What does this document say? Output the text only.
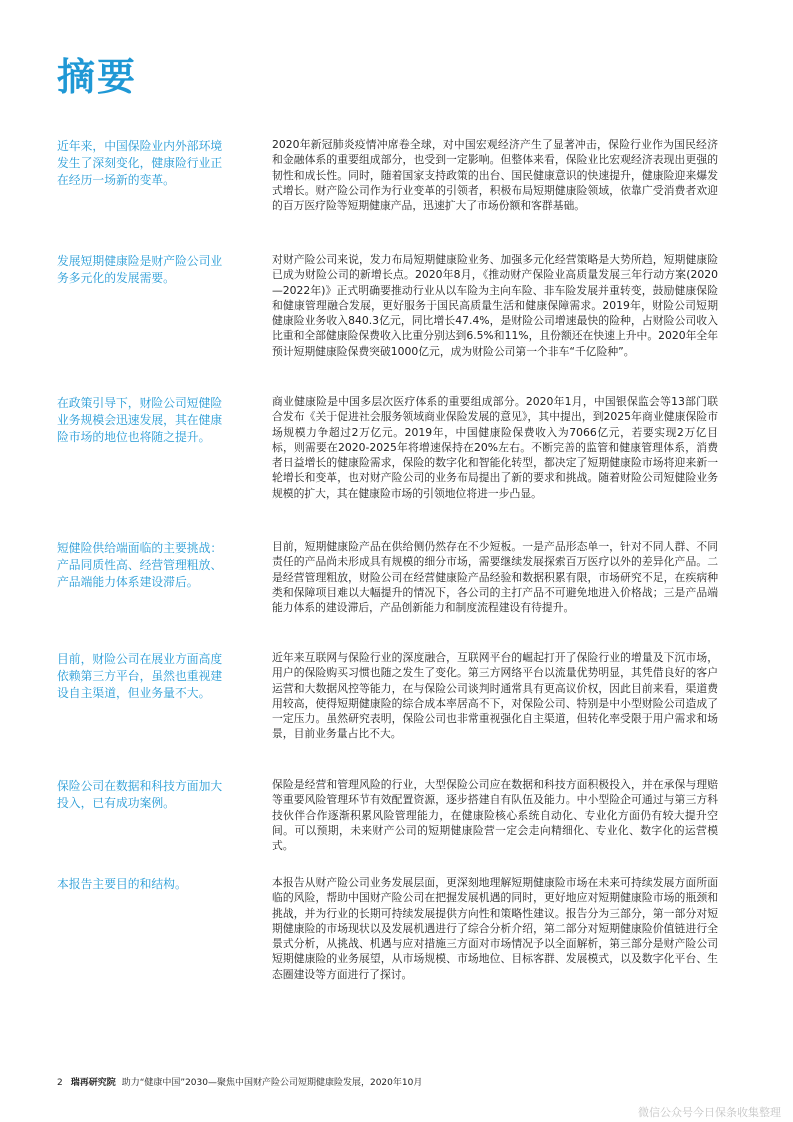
摘要
近年来，中国保险业内外部环境发生了深刻变化，健康险行业正在经历一场新的变革。
2020年新冠肺炎疫情冲席卷全球，对中国宏观经济产生了显著冲击，保险行业作为国民经济和金融体系的重要组成部分，也受到一定影响。但整体来看，保险业比宏观经济表现出更强的韧性和成长性。同时，随着国家支持政策的出台、国民健康意识的快速提升，健康险迎来爆发式增长。财产险公司作为行业变革的引领者，积极布局短期健康险领域，依靠广受消费者欢迎的百万医疗险等短期健康产品，迅速扩大了市场份额和客群基础。
发展短期健康险是财产险公司业务多元化的发展需要。
对财产险公司来说，发力布局短期健康险业务、加强多元化经营策略是大势所趋，短期健康险已成为财险公司的新增长点。2020年8月，《推动财产保险业高质量发展三年行动方案(2020—2022年)》正式明确要推动行业从以车险为主向车险、非车险发展并重转变，鼓励健康保险和健康管理融合发展，更好服务于国民高质量生活和健康保障需求。2019年，财险公司短期健康险业务收入840.3亿元，同比增长47.4%，是财险公司增速最快的险种，占财险公司收入比重和全部健康险保费收入比重分别达到6.5%和11%，且份额还在快速上升中。2020年全年预计短期健康险保费突破1000亿元，成为财险公司第一个非车“千亿险种”。
在政策引导下，财险公司短健险业务规模会迅速发展，其在健康险市场的地位也将随之提升。
商业健康险是中国多层次医疗体系的重要组成部分。2020年1月，中国银保监会等13部门联合发布《关于促进社会服务领域商业保险发展的意见》，其中提出，到2025年商业健康保险市场规模力争超过2万亿元。2019年，中国健康险保费收入为7066亿元，若要实现2万亿目标，则需要在2020-2025年将增速保持在20%左右。不断完善的监管和健康管理体系，消费者日益增长的健康险需求，保险的数字化和智能化转型，都决定了短期健康险市场将迎来新一轮增长和变革，也对财产险公司的业务布局提出了新的要求和挑战。随着财险公司短健险业务规模的扩大，其在健康险市场的引领地位将进一步凸显。
短健险供给端面临的主要挑战：产品同质性高、经营管理粗放、产品端能力体系建设滞后。
目前，短期健康险产品在供给侧仍然存在不少短板。一是产品形态单一，针对不同人群、不同责任的产品尚未形成具有规模的细分市场，需要继续发展探索百万医疗以外的差异化产品。二是经营管理粗放，财险公司在经营健康险产品经验和数据积累有限，市场研究不足，在疾病种类和保障项目难以大幅提升的情况下，各公司的主打产品不可避免地进入价格战；三是产品端能力体系的建设滞后，产品创新能力和制度流程建设有待提升。
目前，财险公司在展业方面高度依赖第三方平台，虽然也重视建设自主渠道，但业务量不大。
近年来互联网与保险行业的深度融合，互联网平台的崛起打开了保险行业的增量及下沉市场，用户的保险购买习惯也随之发生了变化。第三方网络平台以流量优势明显，其凭借良好的客户运营和大数据风控等能力，在与保险公司谈判时通常具有更高议价权，因此目前来看，渠道费用较高，使得短期健康险的综合成本率居高不下，对保险公司、特别是中小型财险公司造成了一定压力。虽然研究表明，保险公司也非常重视强化自主渠道，但转化率受限于用户需求和场景，目前业务量占比不大。
保险公司在数据和科技方面加大投入，已有成功案例。
保险是经营和管理风险的行业，大型保险公司应在数据和科技方面积极投入，并在承保与理赔等重要风险管理环节有效配置资源，逐步搭建自有队伍及能力。中小型险企可通过与第三方科技伙伴合作逐渐积累风险管理能力，在健康险核心系统自动化、专业化方面仍有较大提升空间。可以预期，未来财产公司的短期健康险营一定会走向精细化、专业化、数字化的运营模式。
本报告主要目的和结构。	本报告从财产险公司业务发展层面，更深刻地理解短期健康险市场在未来可持续发展方面所面临的风险，帮助中国财产险公司在把握发展机遇的同时，更好地应对短期健康险市场的瓶颈和挑战，并为行业的长期可持续发展提供方向性和策略性建议。报告分为三部分，第一部分对短期健康险的市场现状以及发展机遇进行了综合分析介绍，第二部分对短期健康险价值链进行全景式分析，从挑战、机遇与应对措施三方面对市场情况予以全面解析，第三部分是财产险公司短期健康险的业务展望，从市场规模、市场地位、目标客群、发展模式，以及数字化平台、生态圈建设等方面进行了探讨。
2 瑞再研究院 助力“健康中国”2030—聚焦中国财产险公司短期健康险发展，2020年10月
微信公众号今日保条收集整理
